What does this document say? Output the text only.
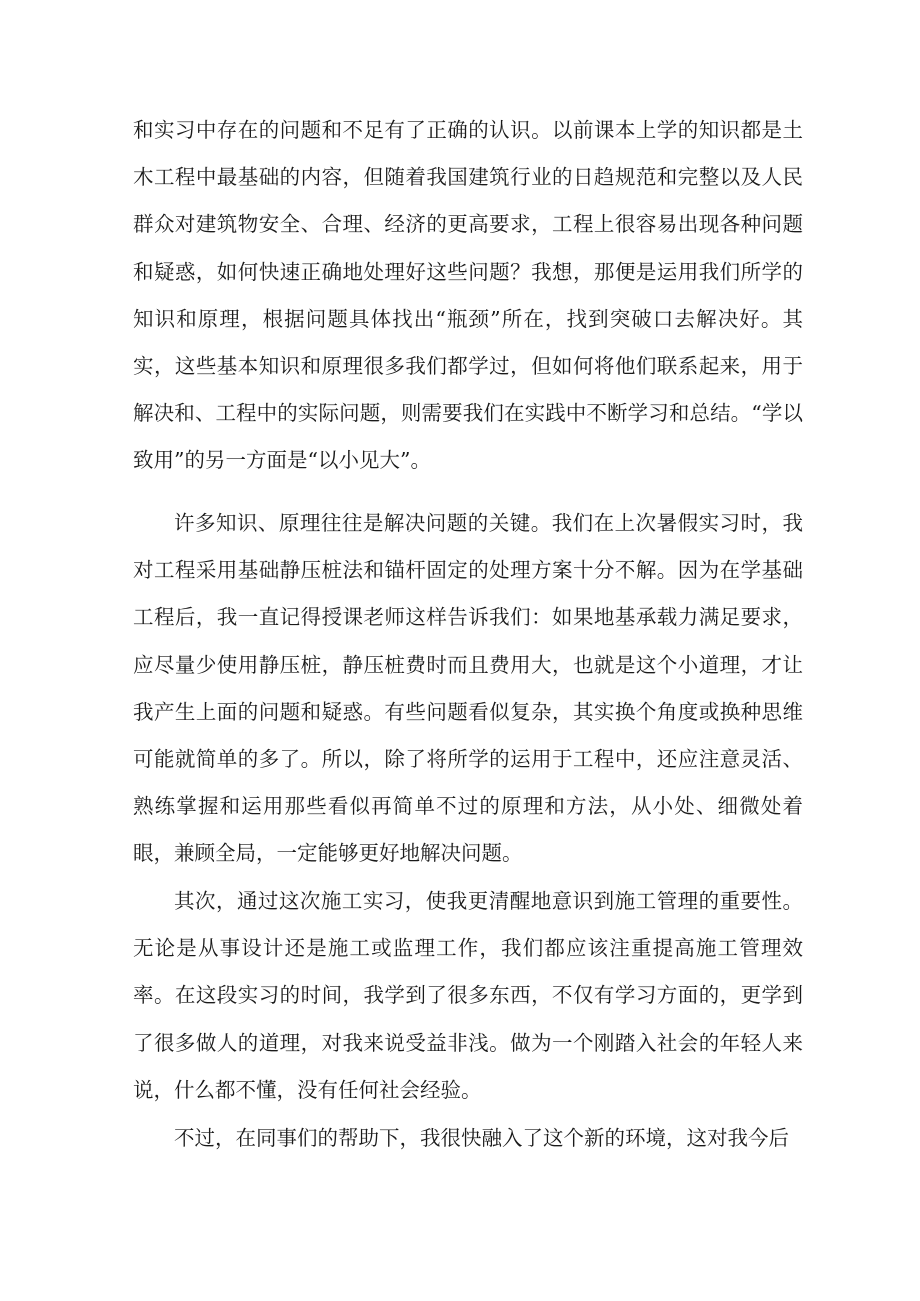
和实习中存在的问题和不足有了正确的认识。以前课本上学的知识都是土木工程中最基础的内容，但随着我国建筑行业的日趋规范和完整以及人民群众对建筑物安全、合理、经济的更高要求，工程上很容易出现各种问题和疑惑，如何快速正确地处理好这些问题？我想，那便是运用我们所学的知识和原理，根据问题具体找出“瓶颈”所在，找到突破口去解决好。其实，这些基本知识和原理很多我们都学过，但如何将他们联系起来，用于解决和、工程中的实际问题，则需要我们在实践中不断学习和总结。“学以致用”的另一方面是“以小见大”。

许多知识、原理往往是解决问题的关键。我们在上次暑假实习时，我对工程采用基础静压桩法和锚杆固定的处理方案十分不解。因为在学基础工程后，我一直记得授课老师这样告诉我们：如果地基承载力满足要求，应尽量少使用静压桩，静压桩费时而且费用大，也就是这个小道理，才让我产生上面的问题和疑惑。有些问题看似复杂，其实换个角度或换种思维可能就简单的多了。所以，除了将所学的运用于工程中，还应注意灵活、熟练掌握和运用那些看似再简单不过的原理和方法，从小处、细微处着眼，兼顾全局，一定能够更好地解决问题。

其次，通过这次施工实习，使我更清醒地意识到施工管理的重要性。无论是从事设计还是施工或监理工作，我们都应该注重提高施工管理效率。在这段实习的时间，我学到了很多东西，不仅有学习方面的，更学到了很多做人的道理，对我来说受益非浅。做为一个刚踏入社会的年轻人来说，什么都不懂，没有任何社会经验。

不过，在同事们的帮助下，我很快融入了这个新的环境，这对我今后
